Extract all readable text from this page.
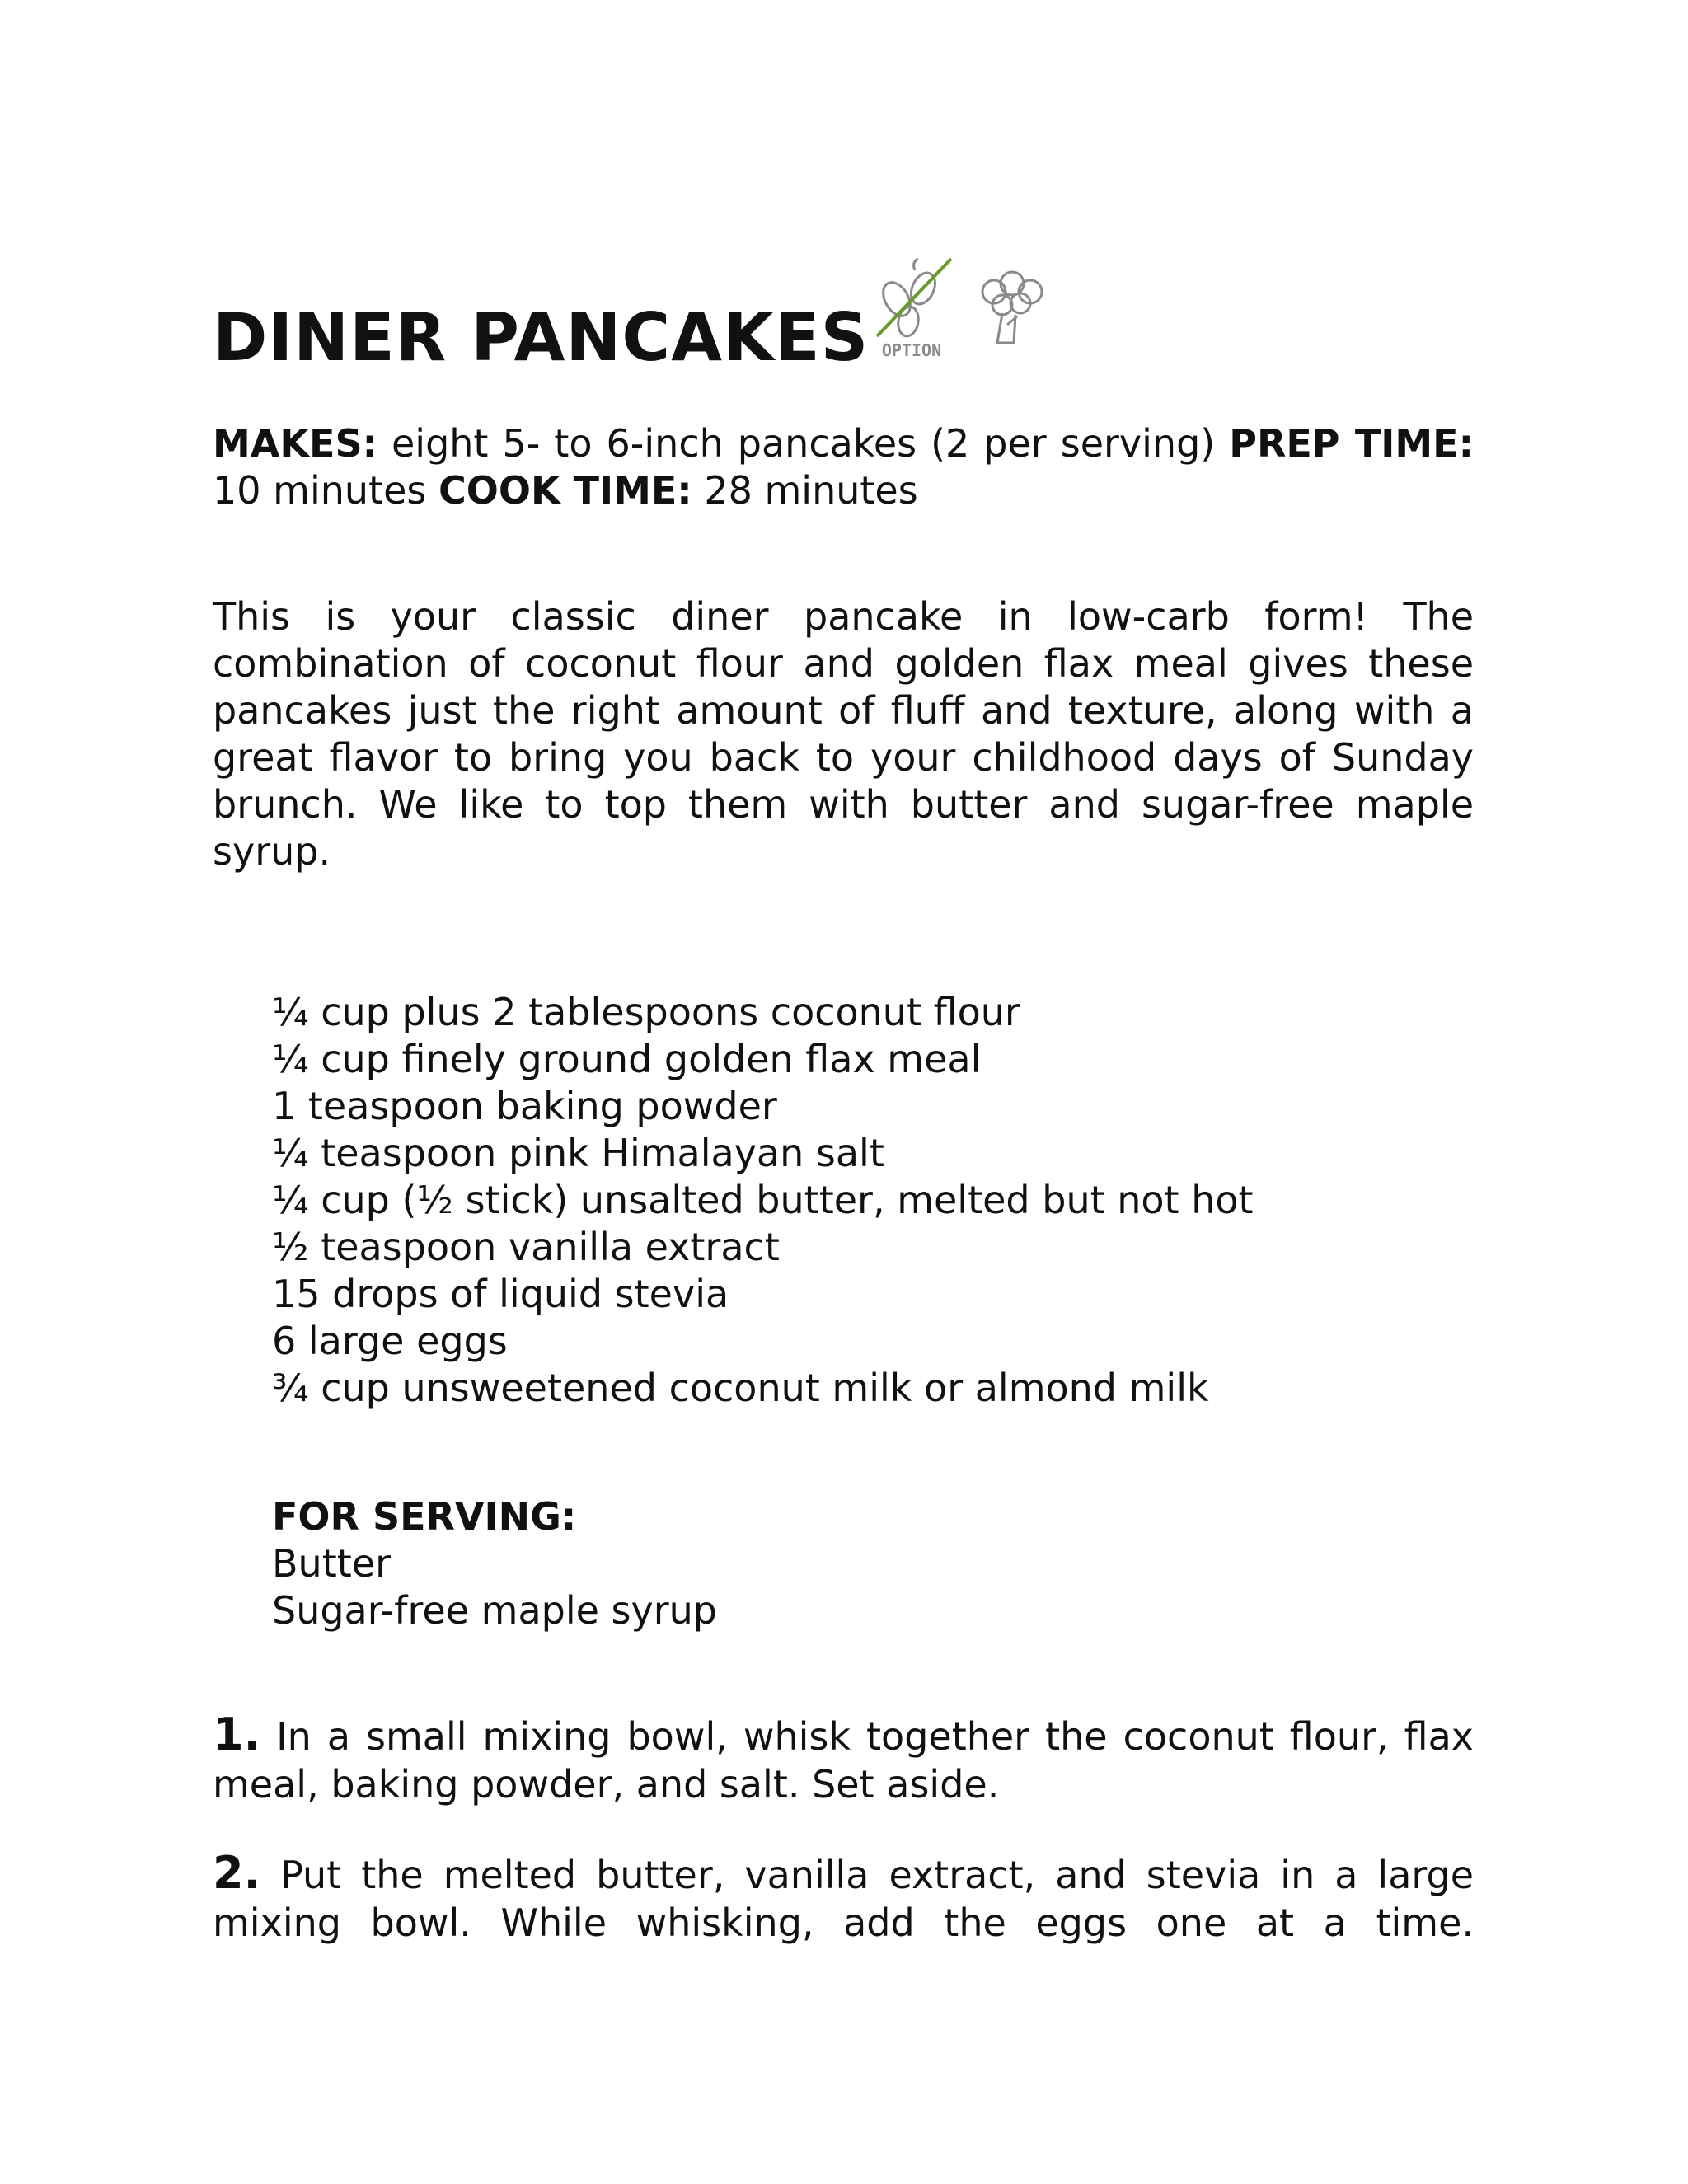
DINER PANCAKES OPTION

MAKES: eight 5- to 6-inch pancakes (2 per serving) PREP TIME: 10 minutes COOK TIME: 28 minutes

This is your classic diner pancake in low-carb form! The combination of coconut flour and golden flax meal gives these pancakes just the right amount of fluff and texture, along with a great flavor to bring you back to your childhood days of Sunday brunch. We like to top them with butter and sugar-free maple syrup.

¼ cup plus 2 tablespoons coconut flour
¼ cup finely ground golden flax meal
1 teaspoon baking powder
¼ teaspoon pink Himalayan salt
¼ cup (½ stick) unsalted butter, melted but not hot
½ teaspoon vanilla extract
15 drops of liquid stevia
6 large eggs
¾ cup unsweetened coconut milk or almond milk
FOR SERVING:
Butter
Sugar-free maple syrup

1. In a small mixing bowl, whisk together the coconut flour, flax meal, baking powder, and salt. Set aside.

2. Put the melted butter, vanilla extract, and stevia in a large mixing bowl. While whisking, add the eggs one at a time.
